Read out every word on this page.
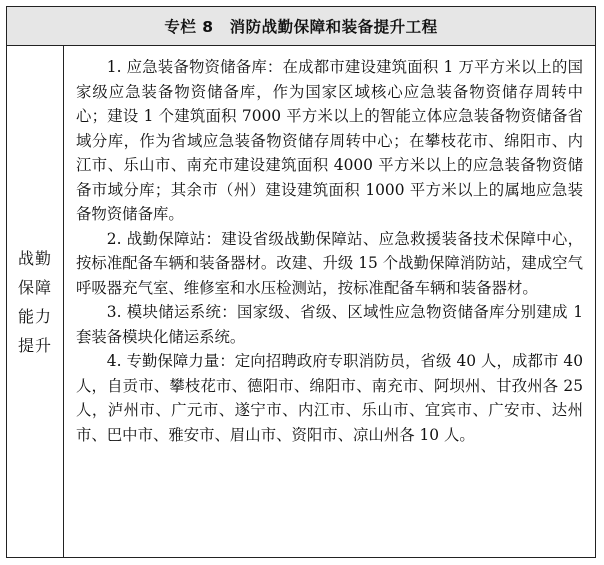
专栏 8 消防战勤保障和装备提升工程
战勤保障能力提升

1. 应急装备物资储备库：在成都市建设建筑面积 1 万平方米以上的国家级应急装备物资储备库，作为国家区域核心应急装备物资储存周转中心；建设 1 个建筑面积 7000 平方米以上的智能立体应急装备物资储备省域分库，作为省域应急装备物资储存周转中心；在攀枝花市、绵阳市、内江市、乐山市、南充市建设建筑面积 4000 平方米以上的应急装备物资储备市域分库；其余市（州）建设建筑面积 1000 平方米以上的属地应急装备物资储备库。

2. 战勤保障站：建设省级战勤保障站、应急救援装备技术保障中心，按标准配备车辆和装备器材。改建、升级 15 个战勤保障消防站，建成空气呼吸器充气室、维修室和水压检测站，按标准配备车辆和装备器材。

3. 模块储运系统：国家级、省级、区域性应急物资储备库分别建成 1 套装备模块化储运系统。

4. 专勤保障力量：定向招聘政府专职消防员，省级 40 人，成都市 40 人，自贡市、攀枝花市、德阳市、绵阳市、南充市、阿坝州、甘孜州各 25 人，泸州市、广元市、遂宁市、内江市、乐山市、宜宾市、广安市、达州市、巴中市、雅安市、眉山市、资阳市、凉山州各 10 人。
